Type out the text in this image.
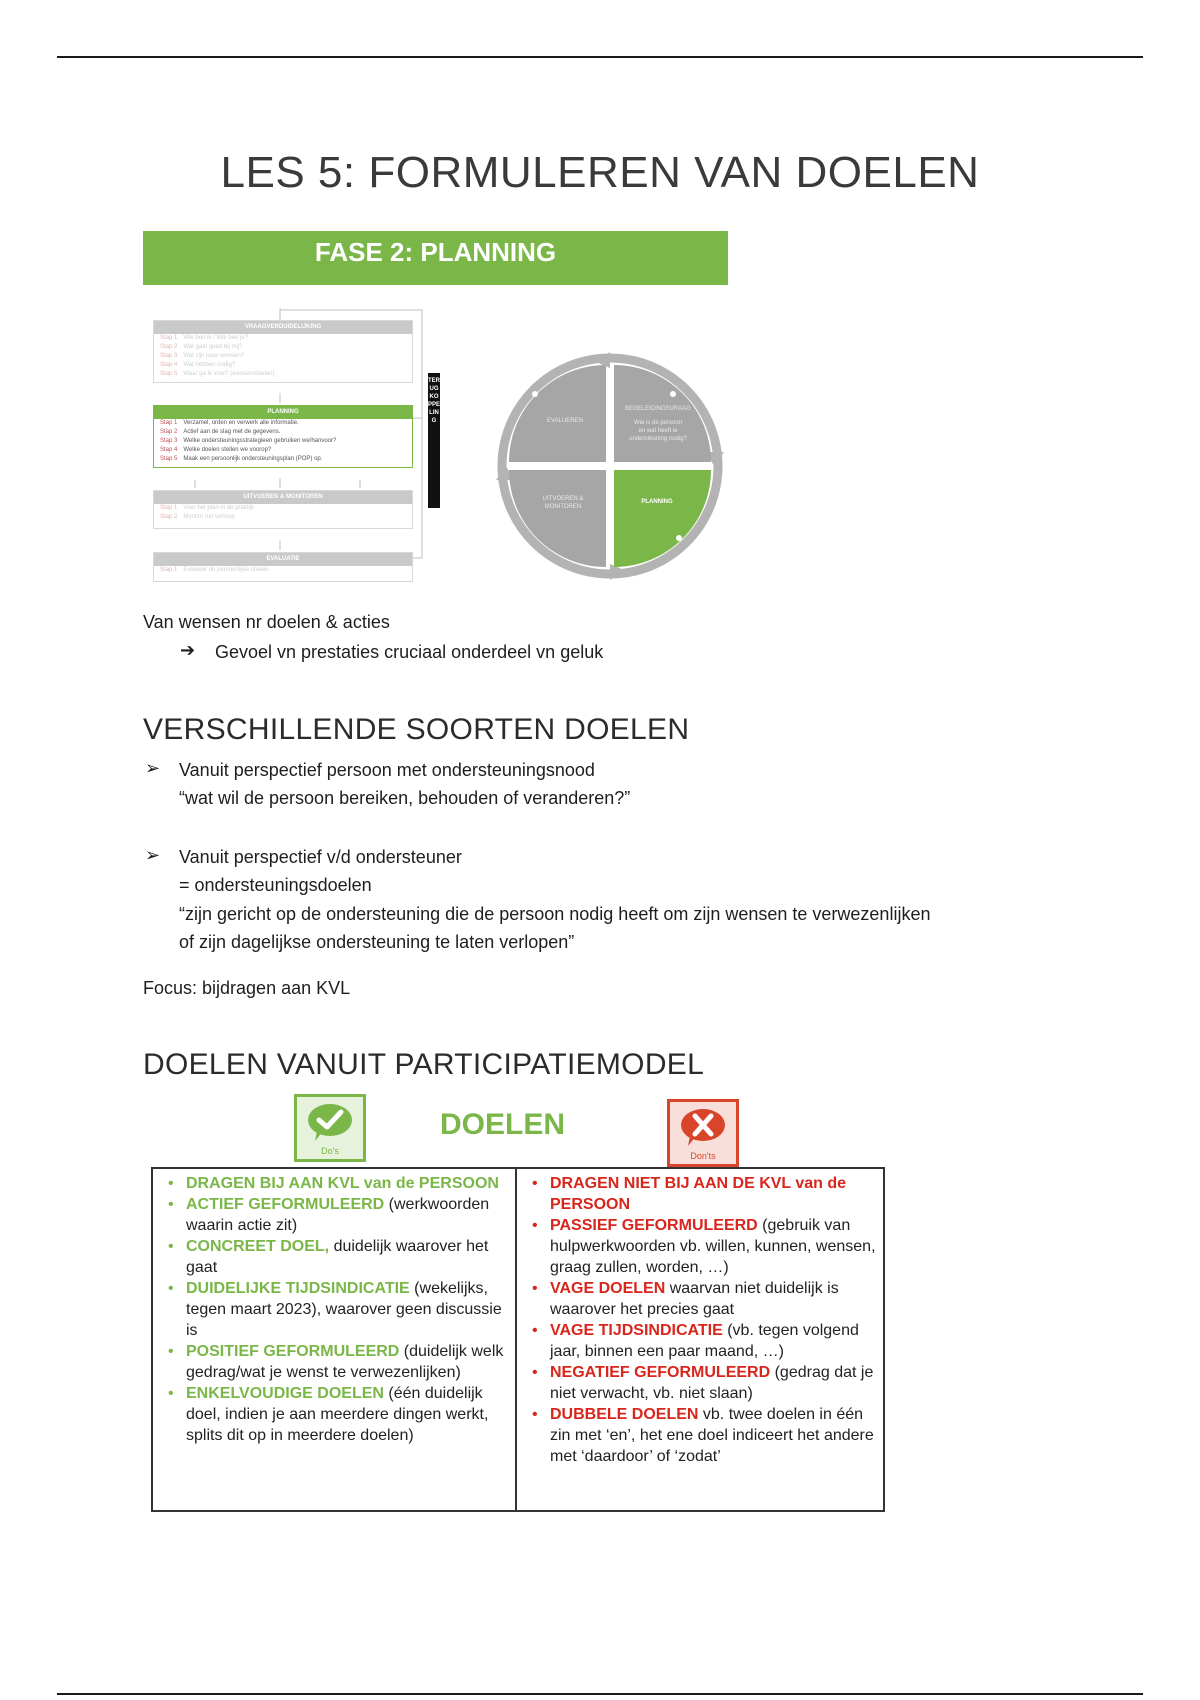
LES 5: FORMULEREN VAN DOELEN
FASE 2: PLANNING
VRAAGVERDUIDELIJKING
Stap 1 Wie ben ik / Wie ben je?
Stap 2 Wat gaat goed bij mij?
Stap 3 Wat zijn jouw wensen?
Stap 4 Wat hebben nodig?
Stap 5 Waar ga ik voor? (wensen/doelen)
PLANNING
Stap 1 Verzamel, orden en verwerk alle informatie.
Stap 2 Actief aan de slag met de gegevens.
Stap 3 Welke ondersteuningsstrategieen gebruiken we/hanvoor?
Stap 4 Welke doelen stellen we voorop?
Stap 5 Maak een persoonlijk ondersteuningsplan (POP) op.
UITVOEREN & MONITOREN
Stap 1 Voer het plan in de praktijk
Stap 2 Monitor het verloop
EVALUATIE
Stap 1 Evalueer de persoonlijke doelen
TERUGKOPPELING	EVALUEREN
BEGELEIDINGSVRAAG
Wie is de persoon
en wat heeft ie
ondersteuning nodig?
UITVOEREN &
MONITOREN
PLANNING
Van wensen nr doelen & acties
➔ Gevoel vn prestaties cruciaal onderdeel vn geluk
VERSCHILLENDE SOORTEN DOELEN
➢ Vanuit perspectief persoon met ondersteuningsnood
“wat wil de persoon bereiken, behouden of veranderen?”
➢ Vanuit perspectief v/d ondersteuner
= ondersteuningsdoelen
“zijn gericht op de ondersteuning die de persoon nodig heeft om zijn wensen te verwezenlijken
of zijn dagelijkse ondersteuning te laten verlopen”
Focus: bijdragen aan KVL
DOELEN VANUIT PARTICIPATIEMODEL
Do's
DOELEN
Don'ts
• DRAGEN BIJ AAN KVL van de PERSOON
• ACTIEF GEFORMULEERD (werkwoorden waarin actie zit)
• CONCREET DOEL, duidelijk waarover het gaat
• DUIDELIJKE TIJDSINDICATIE (wekelijks, tegen maart 2023), waarover geen discussie is
• POSITIEF GEFORMULEERD (duidelijk welk gedrag/wat je wenst te verwezenlijken)
• ENKELVOUDIGE DOELEN (één duidelijk doel, indien je aan meerdere dingen werkt, splits dit op in meerdere doelen)
• DRAGEN NIET BIJ AAN DE KVL van de PERSOON
• PASSIEF GEFORMULEERD (gebruik van hulpwerkwoorden vb. willen, kunnen, wensen, graag zullen, worden, …)
• VAGE DOELEN waarvan niet duidelijk is waarover het precies gaat
• VAGE TIJDSINDICATIE (vb. tegen volgend jaar, binnen een paar maand, …)
• NEGATIEF GEFORMULEERD (gedrag dat je niet verwacht, vb. niet slaan)
• DUBBELE DOELEN vb. twee doelen in één zin met ‘en’, het ene doel indiceert het andere met ‘daardoor’ of ‘zodat’
